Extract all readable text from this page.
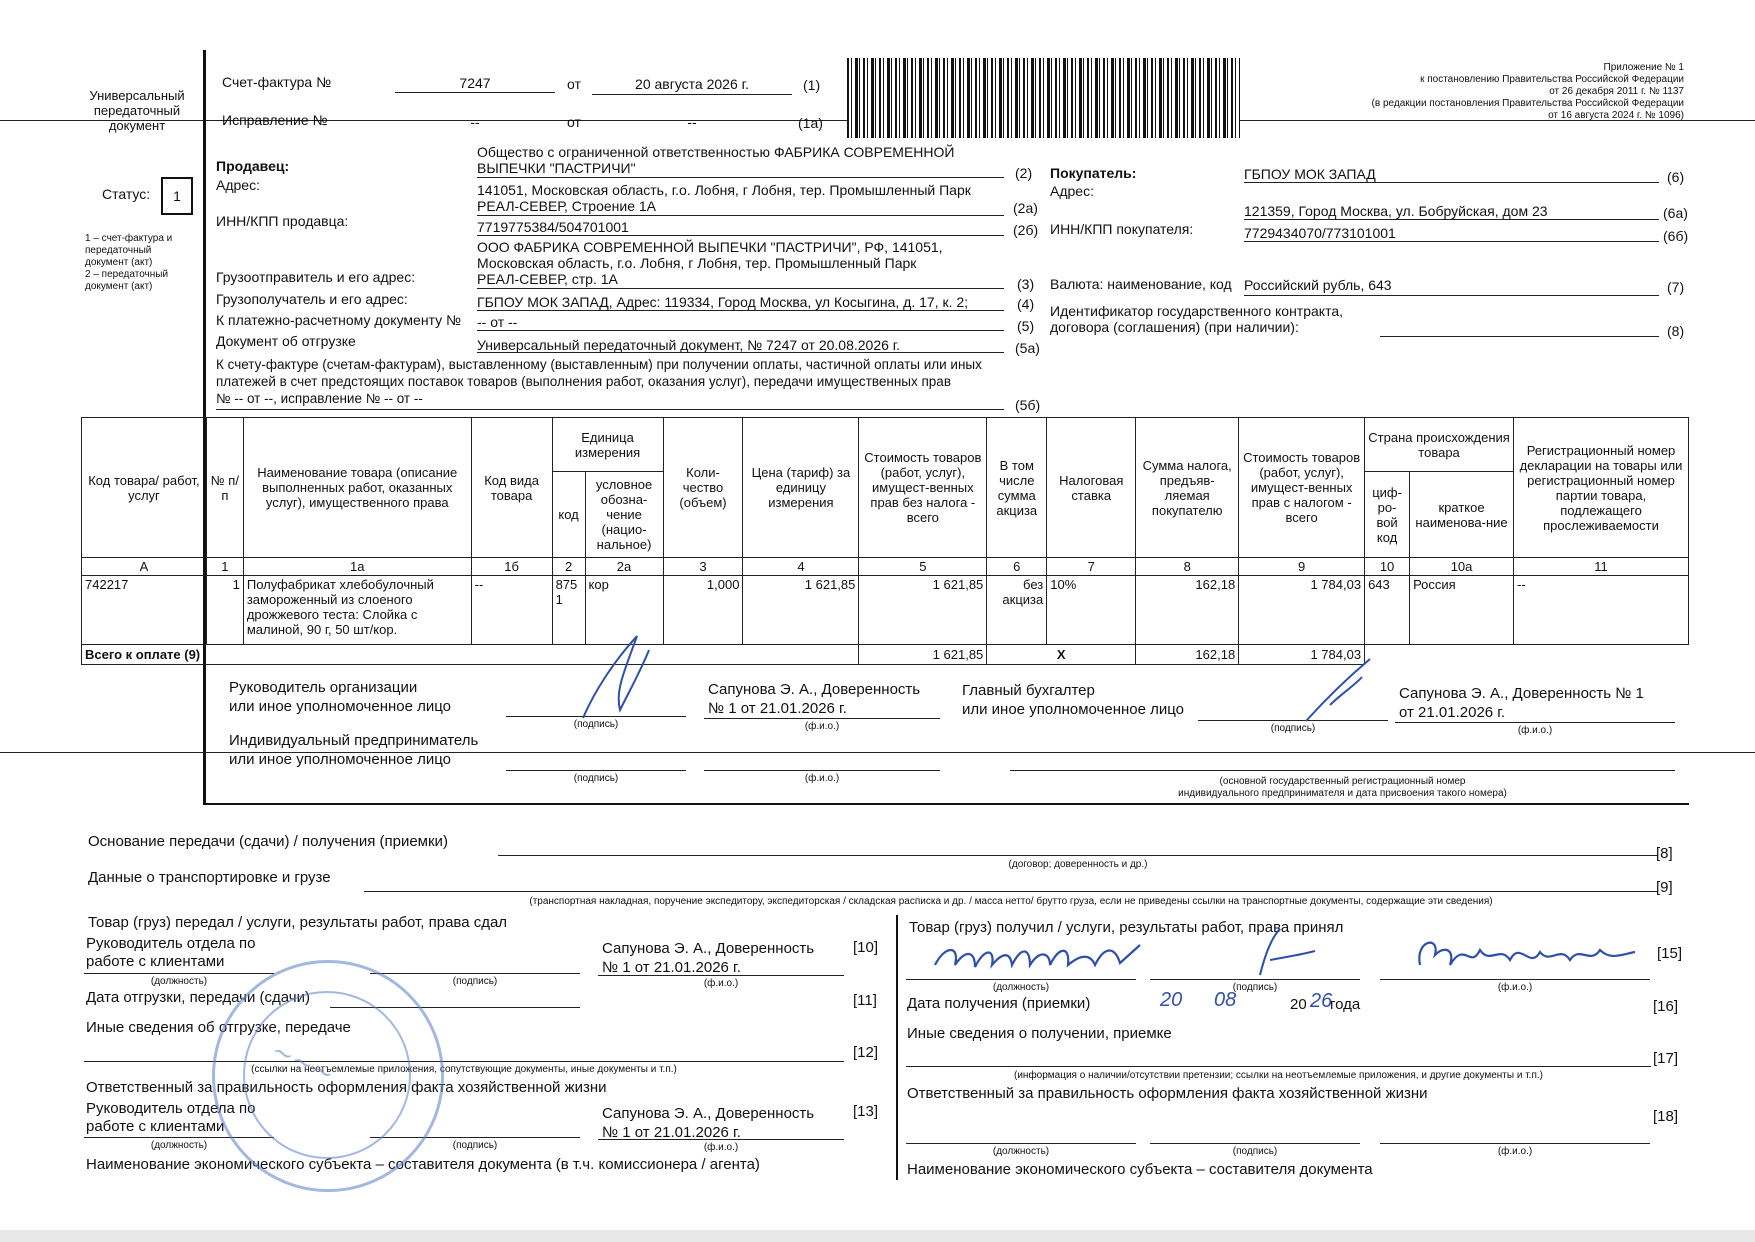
Универсальный
передаточный
документ
Статус:	1
1 – счет-фактура и
передаточный
документ (акт)
2 – передаточный
документ (акт)
Счет-фактура №	7247	от	20 августа 2026 г.	(1)
Исправление №	--	от	--	(1а)
Приложение № 1
к постановлению Правительства Российской Федерации
от 26 декабря 2011 г. № 1137
(в редакции постановления Правительства Российской Федерации
от 16 августа 2024 г. № 1096)
Продавец:
Общество с ограниченной ответственностью ФАБРИКА СОВРЕМЕННОЙ
ВЫПЕЧКИ "ПАСТРИЧИ"	(2)
Адрес:	141051, Московская область, г.о. Лобня, г Лобня, тер. Промышленный Парк
РЕАЛ-СЕВЕР, Строение 1А	(2а)
ИНН/КПП продавца:	7719775384/504701001	(2б)
Грузоотправитель и его адрес:
ООО ФАБРИКА СОВРЕМЕННОЙ ВЫПЕЧКИ "ПАСТРИЧИ", РФ, 141051,
Московская область, г.о. Лобня, г Лобня, тер. Промышленный Парк
РЕАЛ-СЕВЕР, стр. 1А	(3)
Грузополучатель и его адрес:	ГБПОУ МОК ЗАПАД, Адрес: 119334, Город Москва, ул Косыгина, д. 17, к. 2;	(4)
К платежно-расчетному документу № -- от --	(5)
Документ об отгрузке	Универсальный передаточный документ, № 7247 от 20.08.2026 г.	(5а)
К счету-фактуре (счетам-фактурам), выставленному (выставленным) при получении оплаты, частичной оплаты или иных
платежей в счет предстоящих поставок товаров (выполнения работ, оказания услуг), передачи имущественных прав
№ -- от --, исправление № -- от --	(5б)
Покупатель:	ГБПОУ МОК ЗАПАД	(6)
Адрес:
121359, Город Москва, ул. Бобруйская, дом 23	(6а)
ИНН/КПП покупателя:	7729434070/773101001	(6б)
Валюта: наименование, код Российский рубль, 643	(7)
Идентификатор государственного контракта,
договора (соглашения) (при наличии):	(8)
Код товара/ работ, услуг	№ п/п	Наименование товара (описание выполненных работ, оказанных услуг), имущественного права	Код вида товара	Единица измерения		Коли-чество (объем)	Цена (тариф) за единицу измерения	Стоимость товаров (работ, услуг), имущест-венных прав без налога - всего	В том числе сумма акциза	Налоговая ставка	Сумма налога, предъяв-ляемая покупателю	Стоимость товаров (работ, услуг), имущест-венных прав с налогом - всего	Страна происхождения товара		Регистрационный номер декларации на товары или регистрационный номер партии товара, подлежащего прослеживаемости
				код	условное обозна-чение (нацио-нальное)								циф-ро-вой код	краткое наименова-ние	
А	1	1а	1б	2	2а	3	4	5	6	7	8	9	10	10а	11
742217	1	Полуфабрикат хлебобулочный замороженный из слоеного дрожжевого теста: Слойка с малиной, 90 г, 50 шт/кор.	--	875 1	кор	1,000	1 621,85	1 621,85	без акциза	10%	162,18	1 784,03	643	Россия	--
Всего к оплате (9)								1 621,85	X		162,18	1 784,03			
Руководитель организации
или иное уполномоченное лицо
(подпись)
Сапунова Э. А., Доверенность
№ 1 от 21.01.2026 г.
(ф.и.о.)
Главный бухгалтер
или иное уполномоченное лицо
(подпись)
Сапунова Э. А., Доверенность № 1
от 21.01.2026 г.
(ф.и.о.)
Индивидуальный предприниматель
или иное уполномоченное лицо
(подпись)	(ф.и.о.)	(основной государственный регистрационный номер
индивидуального предпринимателя и дата присвоения такого номера)
Основание передачи (сдачи) / получения (приемки)
[8]
(договор; доверенность и др.)
Данные о транспортировке и грузе
[9]
(транспортная накладная, поручение экспедитору, экспедиторская / складская расписка и др. / масса нетто/ брутто груза, если не приведены ссылки на транспортные документы, содержащие эти сведения)
Товар (груз) передал / услуги, результаты работ, права сдал
Руководитель отдела по
работе с клиентами
(должность)	(подпись)
Сапунова Э. А., Доверенность
№ 1 от 21.01.2026 г.
(ф.и.о.)
[10]
Дата отгрузки, передачи (сдачи)	[11]
Иные сведения об отгрузке, передаче
[12]
(ссылки на неотъемлемые приложения, сопутствующие документы, иные документы и т.п.)
Ответственный за правильность оформления факта хозяйственной жизни
Руководитель отдела по
работе с клиентами
(должность)	(подпись)
Сапунова Э. А., Доверенность
№ 1 от 21.01.2026 г.
(ф.и.о.)
[13]
Наименование экономического субъекта – составителя документа (в т.ч. комиссионера / агента)
Товар (груз) получил / услуги, результаты работ, права принял
[15]
(должность)	(подпись)	(ф.и.о.)
Дата получения (приемки)	20 08	20 26
года	[16]
Иные сведения о получении, приемке
[17]
(информация о наличии/отсутствии претензии; ссылки на неотъемлемые приложения, и другие документы и т.п.)
Ответственный за правильность оформления факта хозяйственной жизни
[18]
(должность)	(подпись)	(ф.и.о.)
Наименование экономического субъекта – составителя документа
~~~
